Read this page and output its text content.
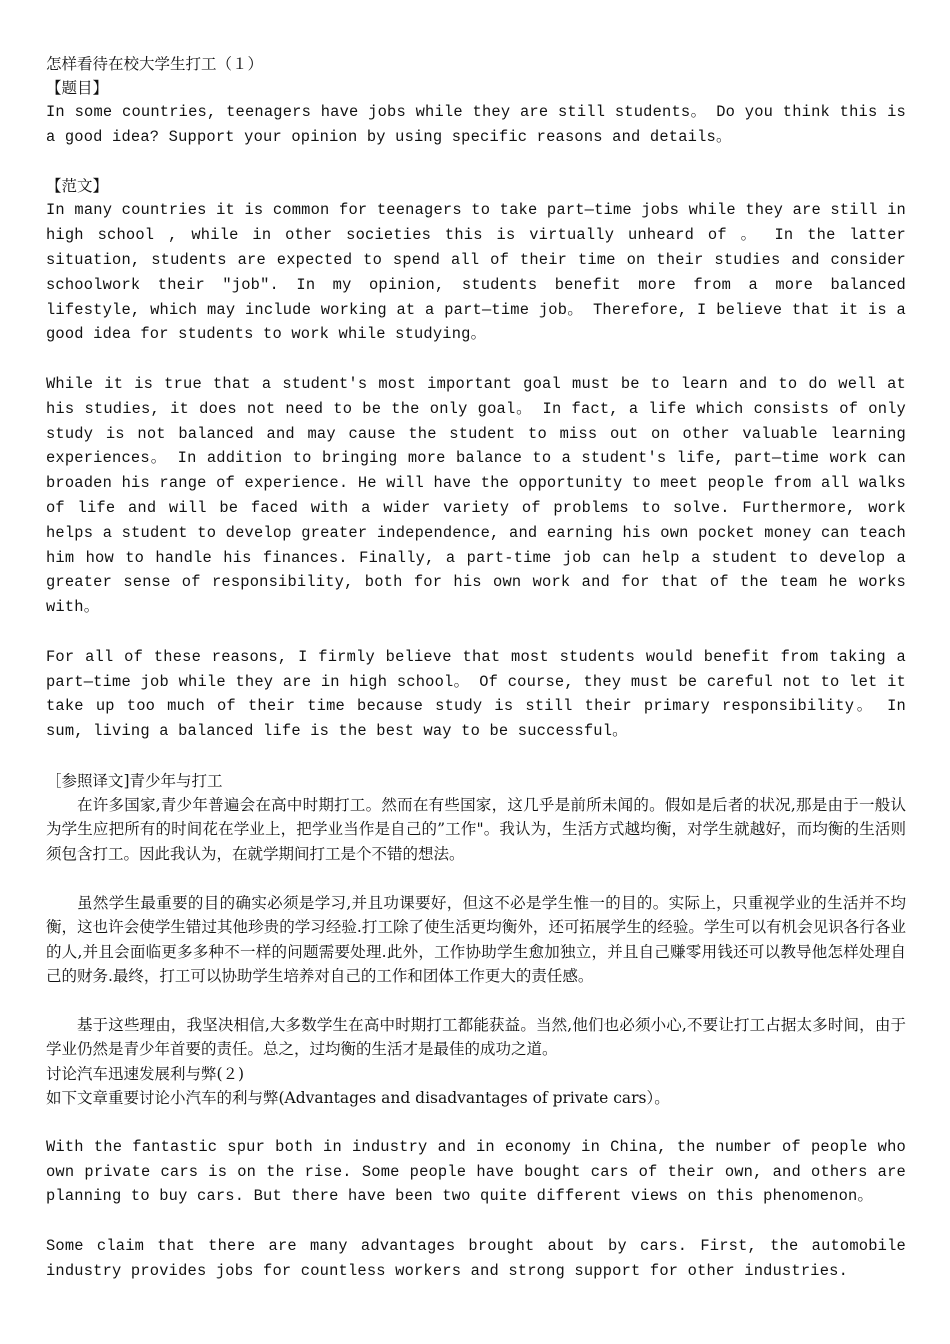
怎样看待在校大学生打工（１）

【题目】

In some countries, teenagers have jobs while they are still students。 Do you think this is a good idea? Support your opinion by using specific reasons and details。

【范文】

In many countries it is common for teenagers to take part—time jobs while they are still in high school , while in other societies this is virtually unheard of 。 In the latter situation, students are expected to spend all of their time on their studies and consider schoolwork their "job". In my opinion, students benefit more from a more balanced lifestyle, which may include working at a part—time job。 Therefore, I believe that it is a good idea for students to work while studying。

While it is true that a student's most important goal must be to learn and to do well at his studies, it does not need to be the only goal。 In fact, a life which consists of only study is not balanced and may cause the student to miss out on other valuable learning experiences。 In addition to bringing more balance to a student's life, part—time work can broaden his range of experience. He will have the opportunity to meet people from all walks of life and will be faced with a wider variety of problems to solve. Furthermore, work helps a student to develop greater independence, and earning his own pocket money can teach him how to handle his finances. Finally, a part-time job can help a student to develop a greater sense of responsibility, both for his own work and for that of the team he works with。

For all of these reasons, I firmly believe that most students would benefit from taking a part—time job while they are in high school。 Of course, they must be careful not to let it take up too much of their time because study is still their primary responsibility。 In sum, living a balanced life is the best way to be successful。

［参照译文]青少年与打工

在许多国家,青少年普遍会在高中时期打工。然而在有些国家，这几乎是前所未闻的。假如是后者的状况,那是由于一般认为学生应把所有的时间花在学业上，把学业当作是自己的”工作"。我认为，生活方式越均衡，对学生就越好，而均衡的生活则须包含打工。因此我认为，在就学期间打工是个不错的想法。

虽然学生最重要的目的确实必须是学习,并且功课要好，但这不必是学生惟一的目的。实际上，只重视学业的生活并不均衡，这也许会使学生错过其他珍贵的学习经验.打工除了使生活更均衡外，还可拓展学生的经验。学生可以有机会见识各行各业的人,并且会面临更多多种不一样的问题需要处理.此外，工作协助学生愈加独立，并且自己赚零用钱还可以教导他怎样处理自己的财务.最终，打工可以协助学生培养对自己的工作和团体工作更大的责任感。

基于这些理由，我坚决相信,大多数学生在高中时期打工都能获益。当然,他们也必须小心,不要让打工占据太多时间，由于学业仍然是青少年首要的责任。总之，过均衡的生活才是最佳的成功之道。

讨论汽车迅速发展利与弊(２)

如下文章重要讨论小汽车的利与弊(Advantages and disadvantages of private cars）。

With the fantastic spur both in industry and in economy in China, the number of people who own private cars is on the rise. Some people have bought cars of their own, and others are planning to buy cars. But there have been two quite different views on this phenomenon。

Some claim that there are many advantages brought about by cars. First, the automobile industry provides jobs for countless workers and strong support for other industries.
